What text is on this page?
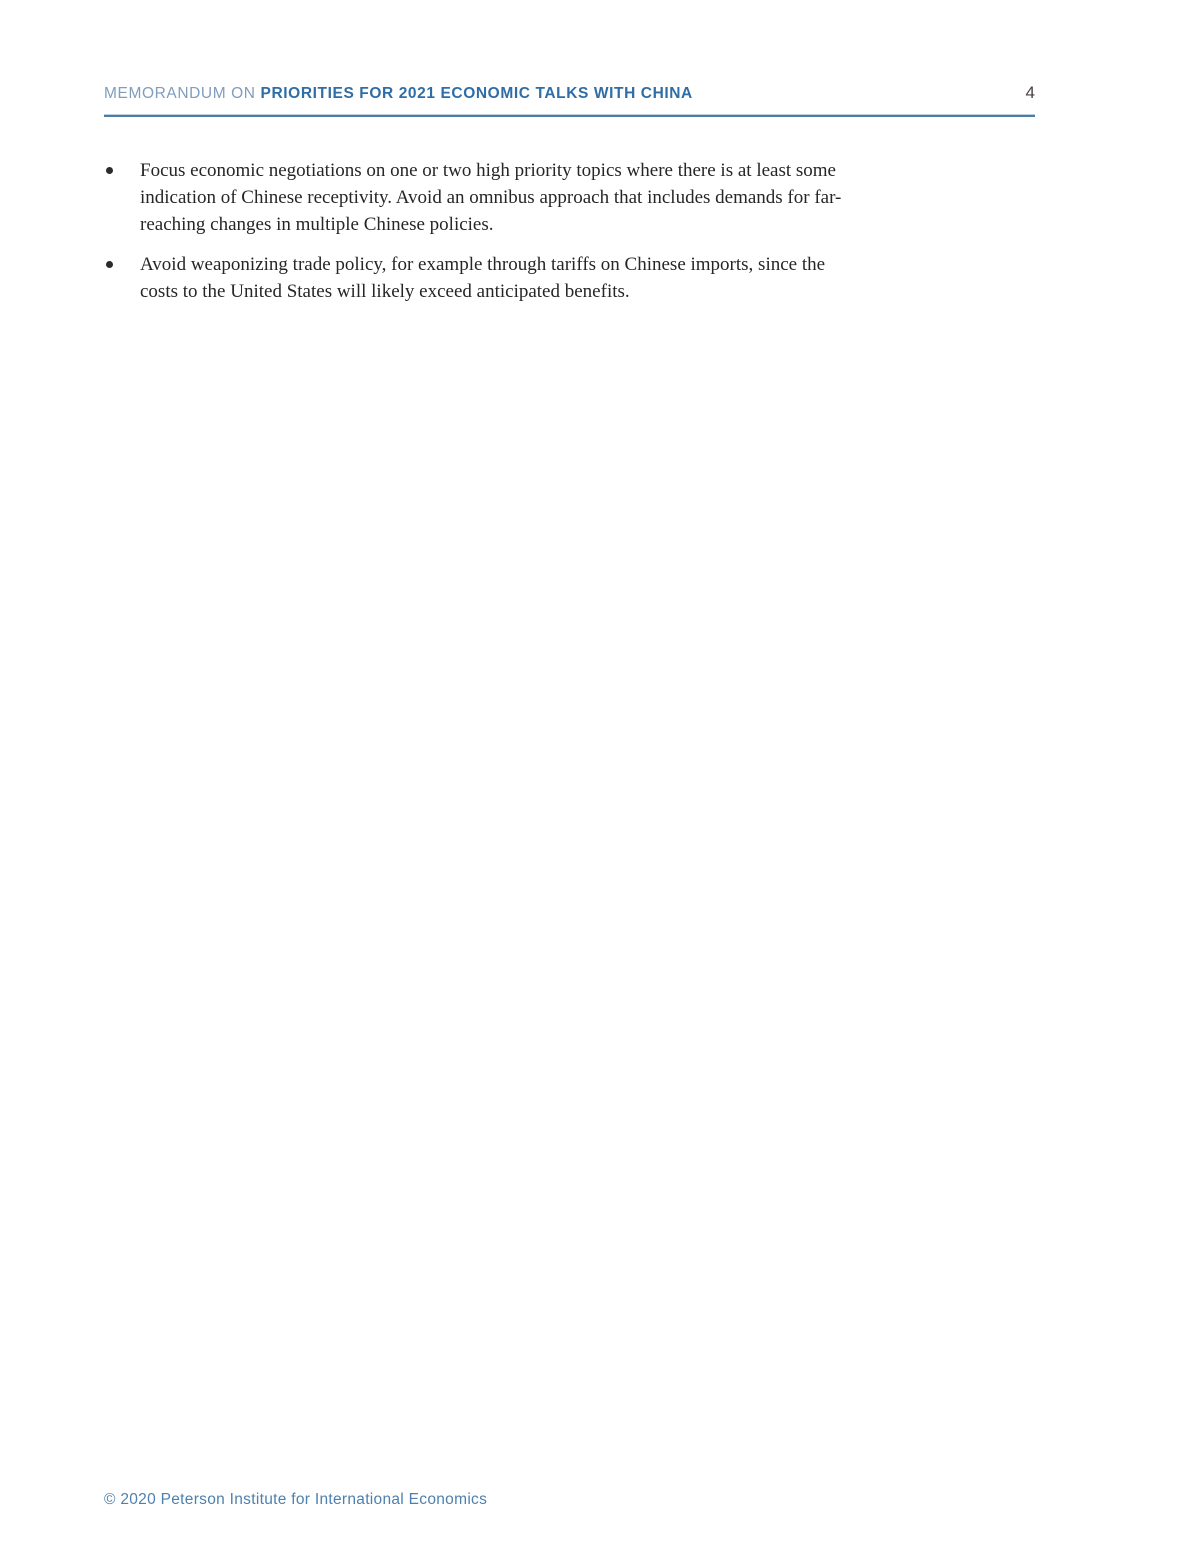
MEMORANDUM ON PRIORITIES FOR 2021 ECONOMIC TALKS WITH CHINA	4
Focus economic negotiations on one or two high priority topics where there is at least some indication of Chinese receptivity. Avoid an omnibus approach that includes demands for far-reaching changes in multiple Chinese policies.
Avoid weaponizing trade policy, for example through tariffs on Chinese imports, since the costs to the United States will likely exceed anticipated benefits.
© 2020 Peterson Institute for International Economics
